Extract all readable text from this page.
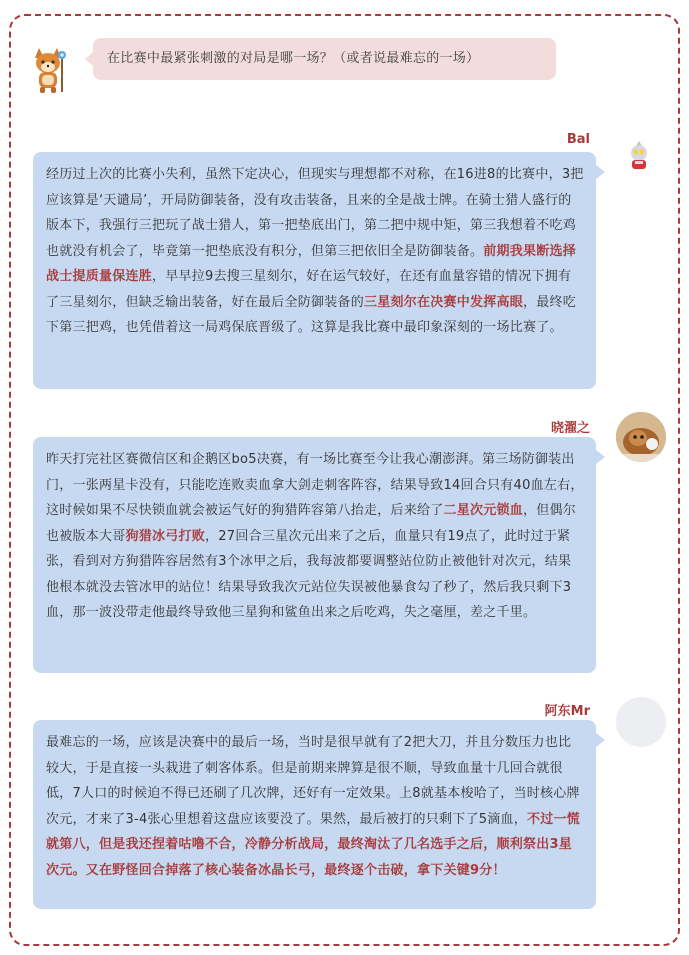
在比赛中最紧张刺激的对局是哪一场？（或者说最难忘的一场）
Bal
经历过上次的比赛小失利，虽然下定决心，但现实与理想都不对称，在16进8的比赛中，3把应该算是‘天谴局’，开局防御装备，没有攻击装备，且来的全是战士牌。在骑士猎人盛行的版本下，我强行三把玩了战士猎人，第一把垫底出门，第二把中规中矩，第三我想着不吃鸡也就没有机会了，毕竟第一把垫底没有积分，但第三把依旧全是防御装备。前期我果断选择战士提质量保连胜，早早拉9去搜三星刻尔，好在运气较好，在还有血量容错的情况下拥有了三星刻尔，但缺乏输出装备，好在最后全防御装备的三星刻尔在决赛中发挥高眼，最终吃下第三把鸡，也凭借着这一局鸡保底晋级了。这算是我比赛中最印象深刻的一场比赛了。
晓濯之
昨天打完社区赛微信区和企鹅区bo5决赛，有一场比赛至今让我心潮澎湃。第三场防御装出门，一张两星卡没有，只能吃连败卖血拿大剑走刺客阵容，结果导致14回合只有40血左右，这时候如果不尽快锁血就会被运气好的狗猎阵容第八抬走，后来给了二星次元锁血，但偶尔也被版本大哥狗猎冰弓打败，27回合三星次元出来了之后，血量只有19点了，此时过于紧张，看到对方狗猎阵容居然有3个冰甲之后，我每波都要调整站位防止被他针对次元，结果他根本就没去管冰甲的站位！结果导致我次元站位失误被他暴食勾了秒了，然后我只剩下3血，那一波没带走他最终导致他三星狗和鲨鱼出来之后吃鸡，失之毫厘，差之千里。
阿东Mr
最难忘的一场，应该是决赛中的最后一场，当时是很早就有了2把大刀，并且分数压力也比较大，于是直接一头栽进了刺客体系。但是前期来牌算是很不顺，导致血量十几回合就很低，7人口的时候迫不得已还刷了几次牌，还好有一定效果。上8就基本梭哈了，当时核心牌次元，才来了3-4张心里想着这盘应该要没了。果然，最后被打的只剩下了5滴血，不过一慌就第八，但是我还捏着咕噜不合，冷静分析战局，最终淘汰了几名选手之后，顺利祭出3星次元。又在野怪回合掉落了核心装备冰晶长弓，最终逐个击破，拿下关键9分！
